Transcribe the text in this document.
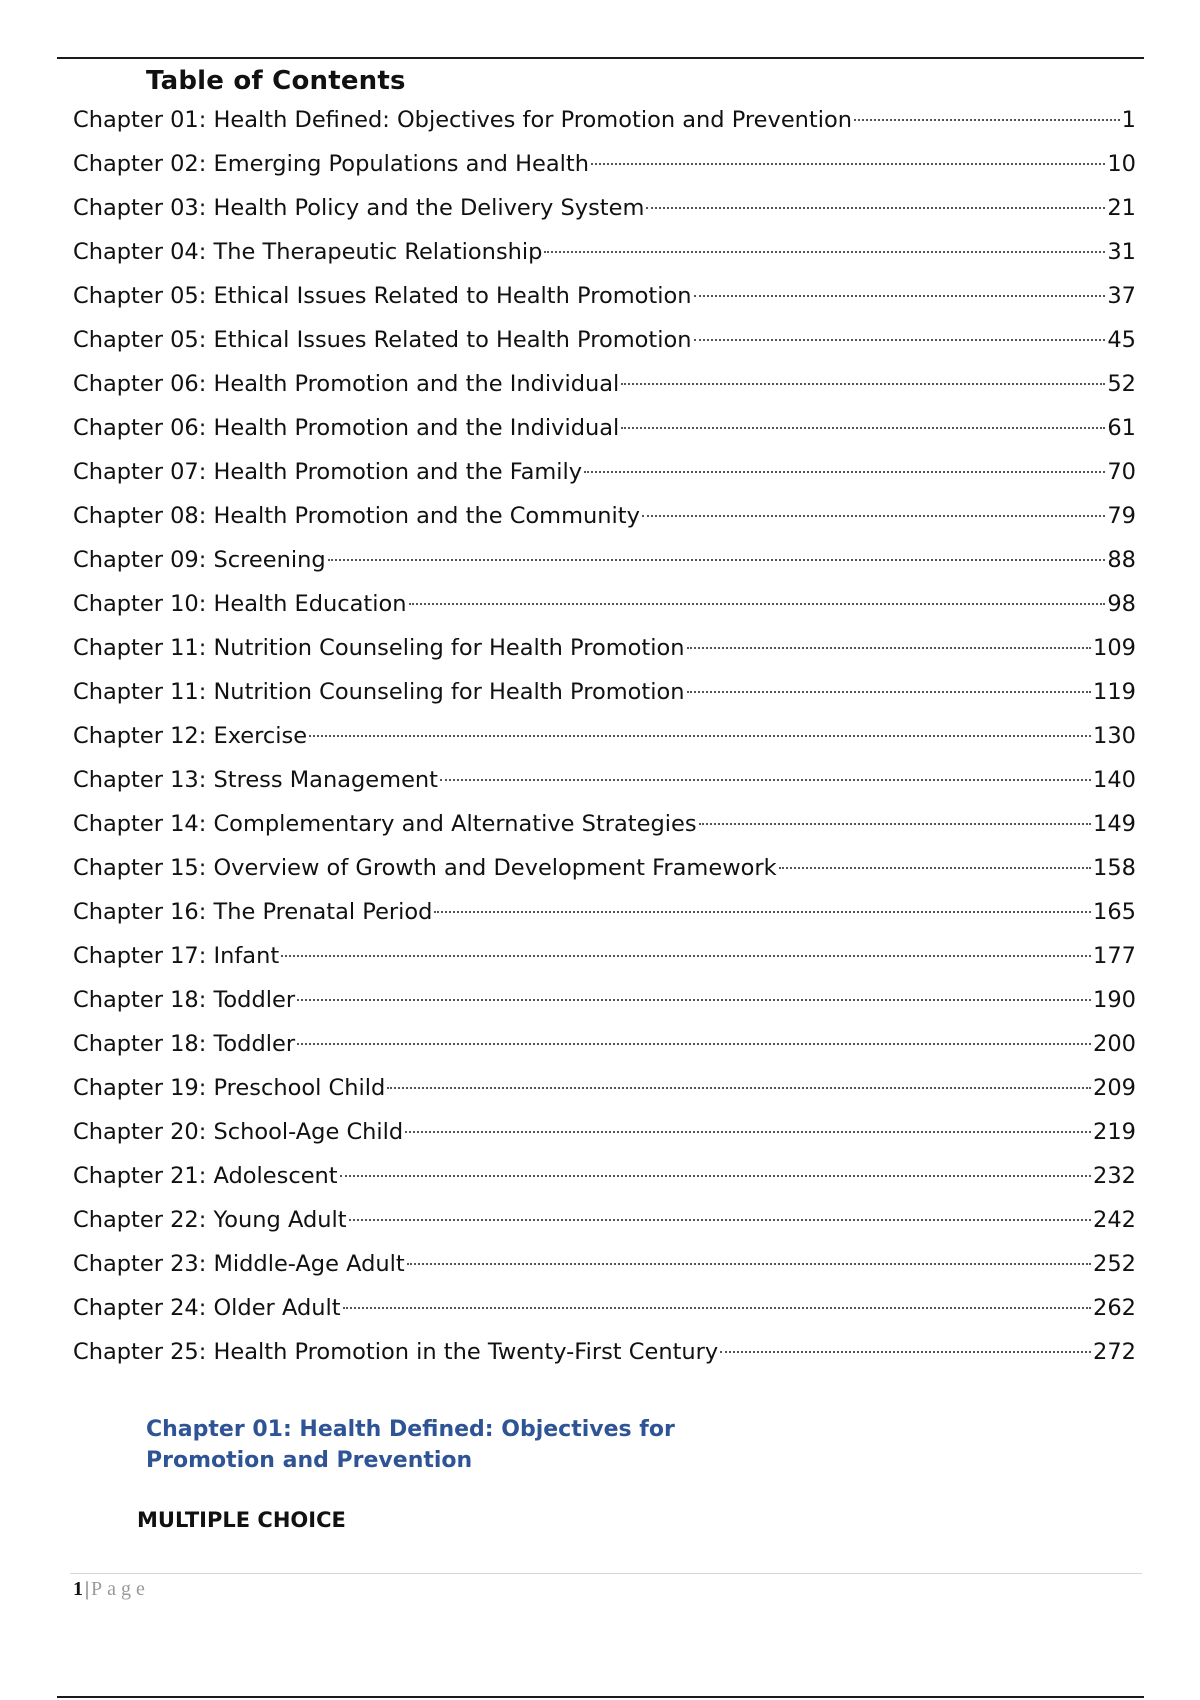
Table of Contents
Chapter 01: Health Defined: Objectives for Promotion and Prevention	1
Chapter 02: Emerging Populations and Health	10
Chapter 03: Health Policy and the Delivery System	21
Chapter 04: The Therapeutic Relationship	31
Chapter 05: Ethical Issues Related to Health Promotion	37
Chapter 05: Ethical Issues Related to Health Promotion	45
Chapter 06: Health Promotion and the Individual	52
Chapter 06: Health Promotion and the Individual	61
Chapter 07: Health Promotion and the Family	70
Chapter 08: Health Promotion and the Community	79
Chapter 09: Screening	88
Chapter 10: Health Education	98
Chapter 11: Nutrition Counseling for Health Promotion	109
Chapter 11: Nutrition Counseling for Health Promotion	119
Chapter 12: Exercise	130
Chapter 13: Stress Management	140
Chapter 14: Complementary and Alternative Strategies	149
Chapter 15: Overview of Growth and Development Framework	158
Chapter 16: The Prenatal Period	165
Chapter 17: Infant	177
Chapter 18: Toddler	190
Chapter 18: Toddler	200
Chapter 19: Preschool Child	209
Chapter 20: School-Age Child	219
Chapter 21: Adolescent	232
Chapter 22: Young Adult	242
Chapter 23: Middle-Age Adult	252
Chapter 24: Older Adult	262
Chapter 25: Health Promotion in the Twenty-First Century	272
Chapter 01: Health Defined: Objectives for Promotion and Prevention
MULTIPLE CHOICE
1|Page
